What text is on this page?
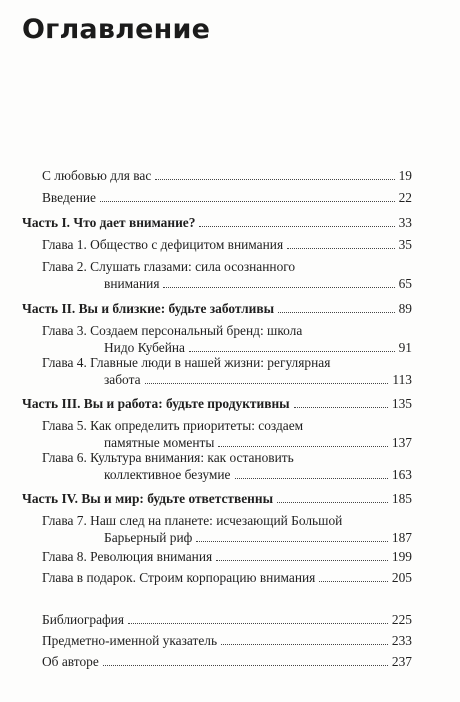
Оглавление
С любовью для вас	19
Введение	22
Часть I. Что дает внимание?	33
Глава 1. Общество с дефицитом внимания	35
Глава 2. Слушать глазами: сила осознанного
внимания	65
Часть II. Вы и близкие: будьте заботливы	89
Глава 3. Создаем персональный бренд: школа
Нидо Кубейна	91
Глава 4. Главные люди в нашей жизни: регулярная
забота	113
Часть III. Вы и работа: будьте продуктивны	135
Глава 5. Как определить приоритеты: создаем
памятные моменты	137
Глава 6. Культура внимания: как остановить
коллективное безумие	163
Часть IV. Вы и мир: будьте ответственны	185
Глава 7. Наш след на планете: исчезающий Большой
Барьерный риф	187
Глава 8. Революция внимания	199
Глава в подарок. Строим корпорацию внимания	205
Библиография	225
Предметно-именной указатель	233
Об авторе	237
